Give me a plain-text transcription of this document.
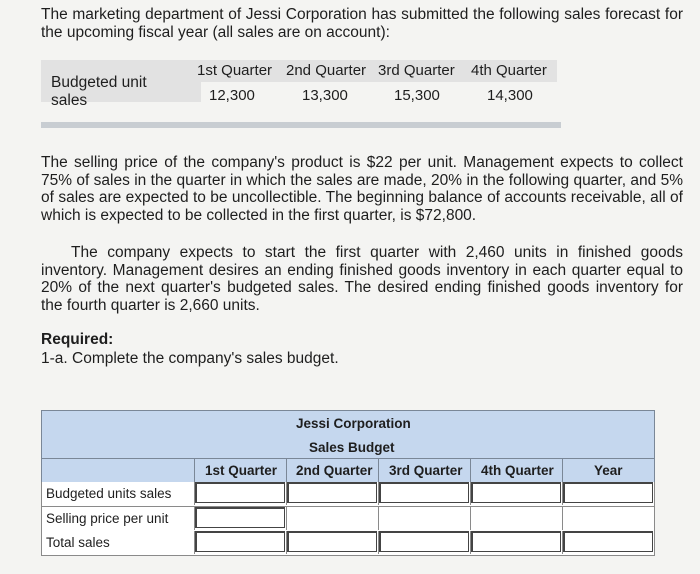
The marketing department of Jessi Corporation has submitted the following sales forecast for the upcoming fiscal year (all sales are on account):

Budgeted unit sales
1st Quarter 2nd Quarter 3rd Quarter 4th Quarter
12,300	13,300	15,300	14,300

The selling price of the company's product is $22 per unit. Management expects to collect 75% of sales in the quarter in which the sales are made, 20% in the following quarter, and 5% of sales are expected to be uncollectible. The beginning balance of accounts receivable, all of which is expected to be collected in the first quarter, is $72,800.

The company expects to start the first quarter with 2,460 units in finished goods inventory. Management desires an ending finished goods inventory in each quarter equal to 20% of the next quarter's budgeted sales. The desired ending finished goods inventory for the fourth quarter is 2,660 units.

Required:

1-a. Complete the company's sales budget.

Jessi Corporation
Sales Budget
1st Quarter 2nd Quarter 3rd Quarter 4th Quarter	Year
Budgeted units sales
Selling price per unit
Total sales
